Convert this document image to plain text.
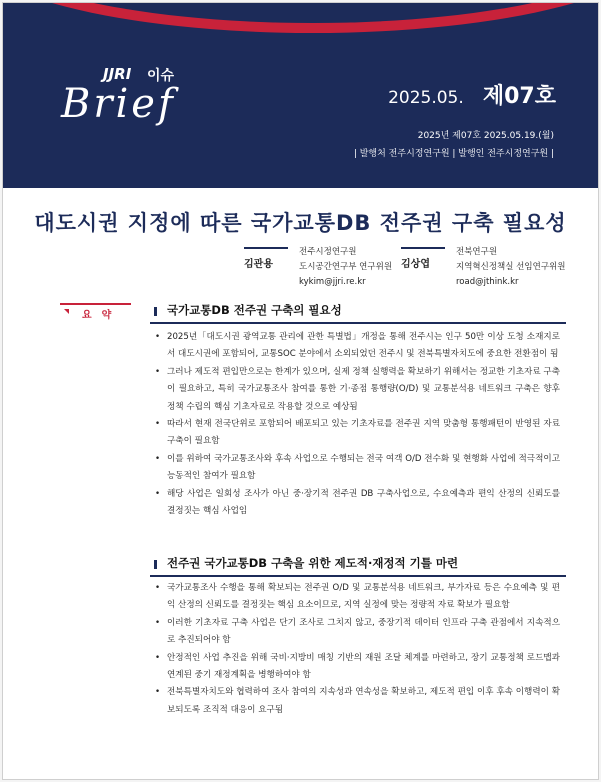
JJRI 이슈
Brief	2025.05. 제07호
2025년 제07호 2025.05.19.(월)
| 발행처 전주시정연구원 | 발행인 전주시정연구원 |
대도시권 지정에 따른 국가교통DB 전주권 구축 필요성
김관용
전주시정연구원
도시공간연구부 연구위원
kykim@jjri.re.kr
김상엽
전북연구원
지역혁신정책실 선임연구위원
road@jthink.kr
요약	국가교통DB 전주권 구축의 필요성
• 2025년「대도시권 광역교통 관리에 관한 특별법」개정을 통해 전주시는 인구 50만 이상 도청 소재지로서 대도시권에 포함되어, 교통SOC 분야에서 소외되었던 전주시 및 전북특별자치도에 중요한 전환점이 됨
• 그러나 제도적 편입만으로는 한계가 있으며, 실제 정책 실행력을 확보하기 위해서는 정교한 기초자료 구축이 필요하고, 특히 국가교통조사 참여를 통한 기·종점 통행량(O/D) 및 교통분석용 네트워크 구축은 향후 정책 수립의 핵심 기초자료로 작용할 것으로 예상됨
• 따라서 현재 전국단위로 포함되어 배포되고 있는 기초자료를 전주권 지역 맞춤형 통행패턴이 반영된 자료 구축이 필요함
• 이를 위하여 국가교통조사와 후속 사업으로 수행되는 전국 여객 O/D 전수화 및 현행화 사업에 적극적이고 능동적인 참여가 필요함
• 해당 사업은 일회성 조사가 아닌 중·장기적 전주권 DB 구축사업으로, 수요예측과 편익 산정의 신뢰도를 결정짓는 핵심 사업임
전주권 국가교통DB 구축을 위한 제도적·재정적 기틀 마련
• 국가교통조사 수행을 통해 확보되는 전주권 O/D 및 교통분석용 네트워크, 부가자료 등은 수요예측 및 편익 산정의 신뢰도를 결정짓는 핵심 요소이므로, 지역 실정에 맞는 정량적 자료 확보가 필요함
• 이러한 기초자료 구축 사업은 단기 조사로 그치지 않고, 중장기적 데이터 인프라 구축 관점에서 지속적으로 추진되어야 함
• 안정적인 사업 추진을 위해 국비·지방비 매칭 기반의 재원 조달 체계를 마련하고, 장기 교통정책 로드맵과 연계된 중기 재정계획을 병행하여야 함
• 전북특별자치도와 협력하여 조사 참여의 지속성과 연속성을 확보하고, 제도적 편입 이후 후속 이행력이 확보되도록 조직적 대응이 요구됨
